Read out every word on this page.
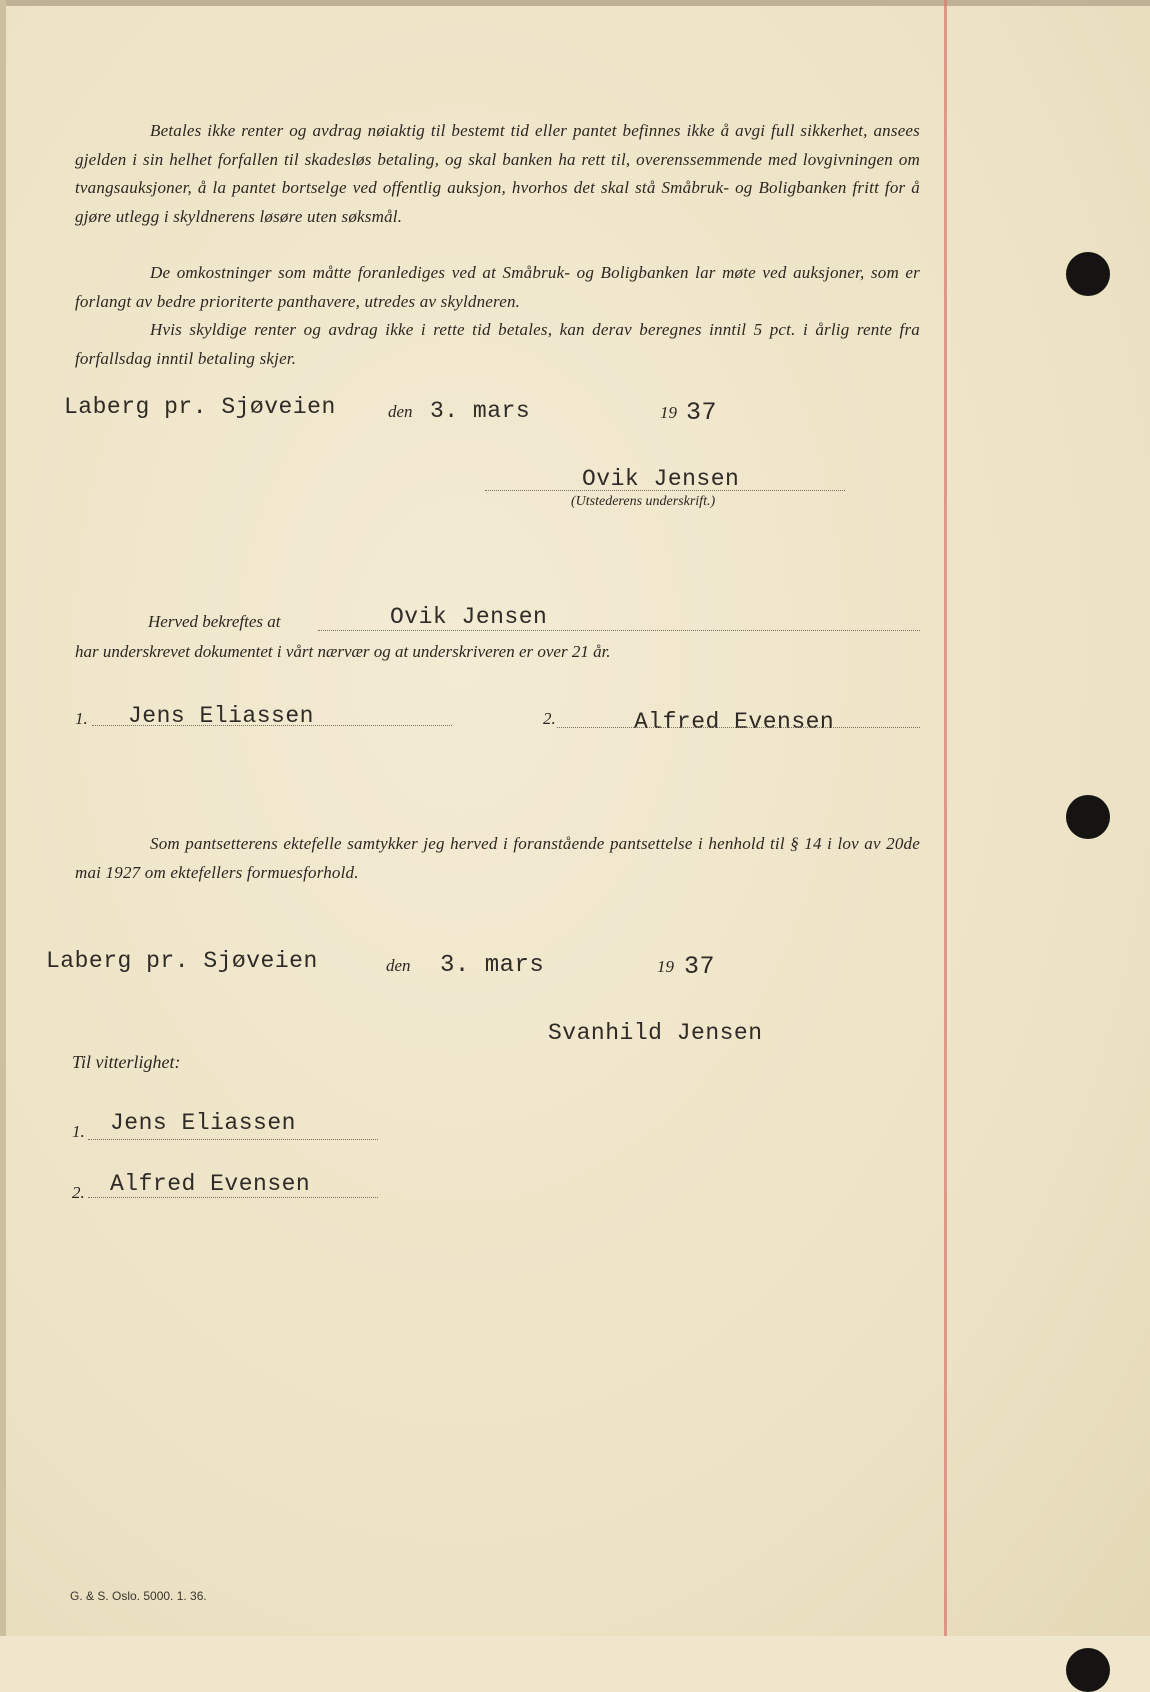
Betales ikke renter og avdrag nøiaktig til bestemt tid eller pantet befinnes ikke å avgi full sikkerhet, ansees gjelden i sin helhet forfallen til skadesløs betaling, og skal banken ha rett til, overenssemmende med lovgivningen om tvangsauksjoner, å la pantet bortselge ved offentlig auksjon, hvorhos det skal stå Småbruk- og Boligbanken fritt for å gjøre utlegg i skyldnerens løsøre uten søksmål.
De omkostninger som måtte foranlediges ved at Småbruk- og Boligbanken lar møte ved auksjoner, som er forlangt av bedre prioriterte panthavere, utredes av skyldneren.
Hvis skyldige renter og avdrag ikke i rette tid betales, kan derav beregnes inntil 5 pct. i årlig rente fra forfallsdag inntil betaling skjer.
Laberg pr. Sjøveien	den 3. mars	19 37
Ovik Jensen
(Utstederens underskrift.)
Herved bekreftes at	Ovik Jensen
har underskrevet dokumentet i vårt nærvær og at underskriveren er over 21 år.
1. Jens Eliassen	2.	Alfred Evensen
Som pantsetterens ektefelle samtykker jeg herved i foranstående pantsettelse i henhold til § 14 i lov av 20de mai 1927 om ektefellers formuesforhold.
Laberg pr. Sjøveien	den 3. mars	19 37
Svanhild Jensen
Til vitterlighet:
1. Jens Eliassen
2. Alfred Evensen
G. & S. Oslo. 5000. 1. 36.
